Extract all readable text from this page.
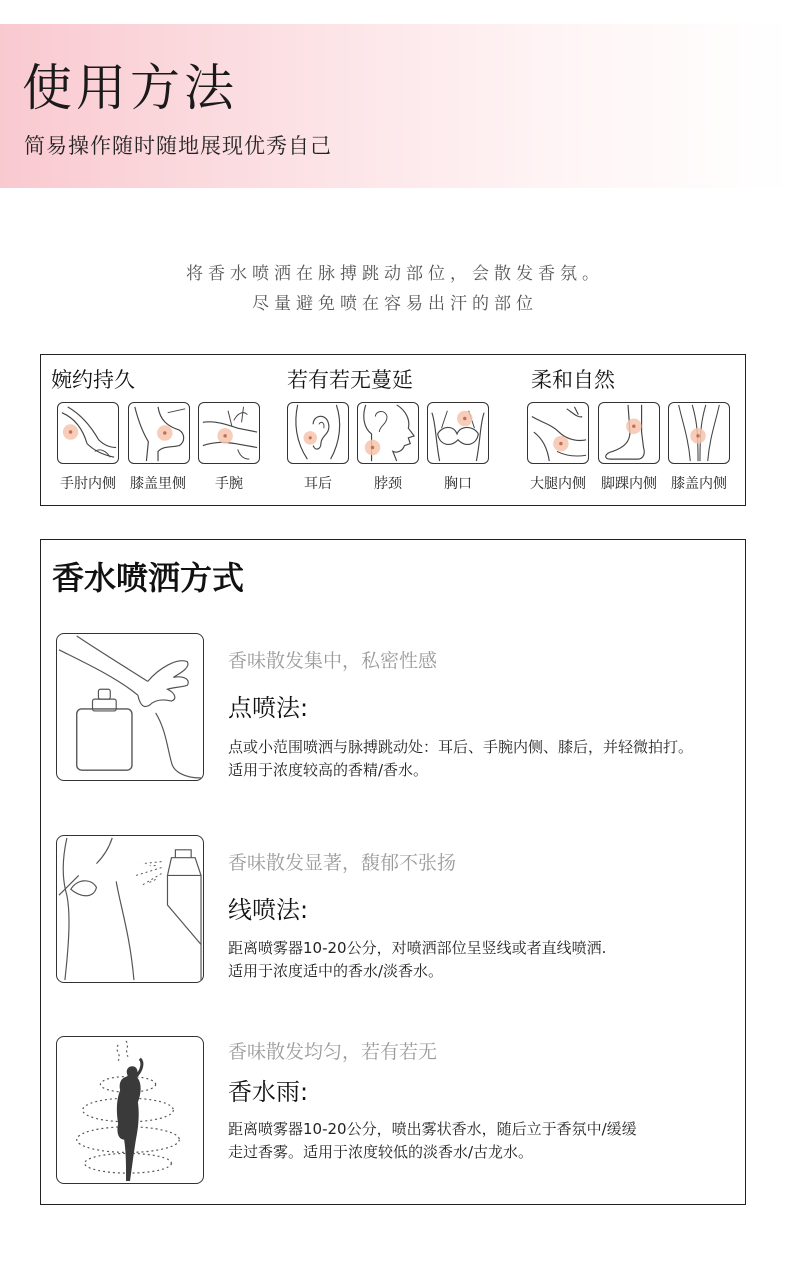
使用方法
简易操作随时随地展现优秀自己
将香水喷洒在脉搏跳动部位，会散发香氛。
尽量避免喷在容易出汗的部位
婉约持久	若有若无蔓延	柔和自然
手肘内侧	膝盖里侧	手腕	耳后	脖颈	胸口	大腿内侧	脚踝内侧	膝盖内侧
香水喷洒方式
香味散发集中，私密性感
点喷法:
点或小范围喷洒与脉搏跳动处：耳后、手腕内侧、膝后，并轻微拍打。
适用于浓度较高的香精/香水。
香味散发显著，馥郁不张扬
线喷法:
距离喷雾器10-20公分，对喷洒部位呈竖线或者直线喷洒.
适用于浓度适中的香水/淡香水。
香味散发均匀，若有若无
香水雨:
距离喷雾器10-20公分，喷出雾状香水，随后立于香氛中/缓缓
走过香雾。适用于浓度较低的淡香水/古龙水。
